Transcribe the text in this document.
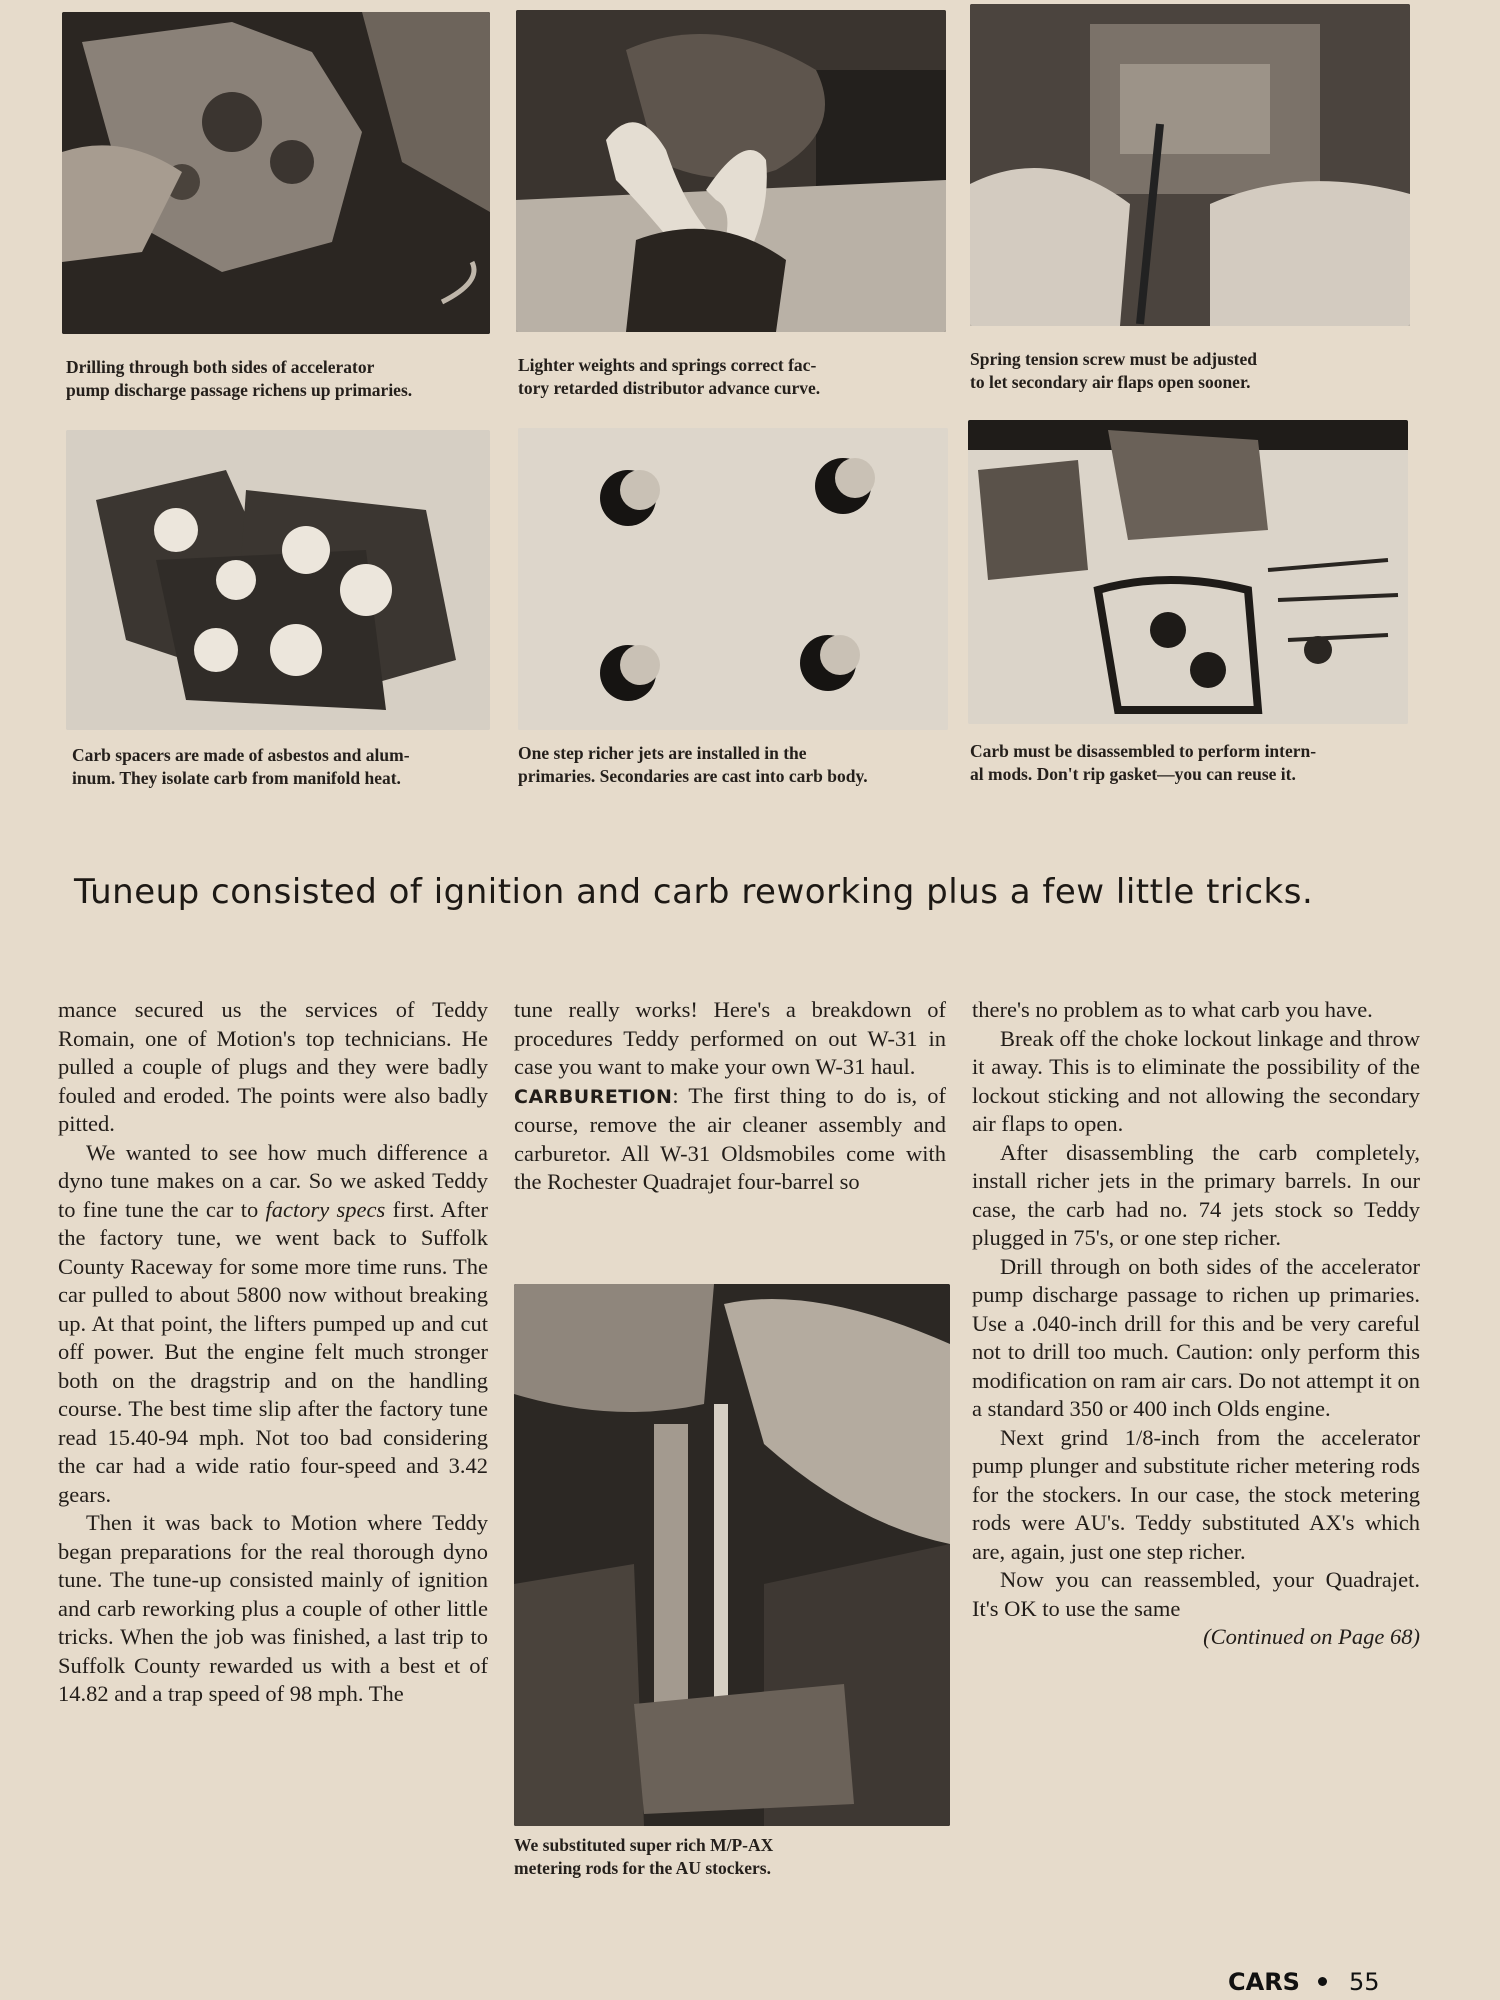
Drilling through both sides of accelerator
pump discharge passage richens up primaries.
Lighter weights and springs correct fac-
tory retarded distributor advance curve.
Spring tension screw must be adjusted
to let secondary air flaps open sooner.
Carb spacers are made of asbestos and alum-
inum. They isolate carb from manifold heat.
One step richer jets are installed in the
primaries. Secondaries are cast into carb body.
Carb must be disassembled to perform intern-
al mods. Don't rip gasket—you can reuse it.
Tuneup consisted of ignition and carb reworking plus a few little tricks.

mance secured us the services of Teddy Romain, one of Motion's top technicians. He pulled a couple of plugs and they were badly fouled and eroded. The points were also badly pitted.

We wanted to see how much difference a dyno tune makes on a car. So we asked Teddy to fine tune the car to factory specs first. After the factory tune, we went back to Suffolk County Raceway for some more time runs. The car pulled to about 5800 now without breaking up. At that point, the lifters pumped up and cut off power. But the engine felt much stronger both on the dragstrip and on the handling course. The best time slip after the factory tune read 15.40-94 mph. Not too bad considering the car had a wide ratio four-speed and 3.42 gears.

Then it was back to Motion where Teddy began preparations for the real thorough dyno tune. The tune-up consisted mainly of ignition and carb reworking plus a couple of other little tricks. When the job was finished, a last trip to Suffolk County rewarded us with a best et of 14.82 and a trap speed of 98 mph. The

tune really works! Here's a breakdown of procedures Teddy performed on out W-31 in case you want to make your own W-31 haul.

CARBURETION: The first thing to do is, of course, remove the air cleaner assembly and carburetor. All W-31 Oldsmobiles come with the Rochester Quadrajet four-barrel so

We substituted super rich M/P-AX
metering rods for the AU stockers.

there's no problem as to what carb you have.

Break off the choke lockout linkage and throw it away. This is to eliminate the possibility of the lockout sticking and not allowing the secondary air flaps to open.

After disassembling the carb completely, install richer jets in the primary barrels. In our case, the carb had no. 74 jets stock so Teddy plugged in 75's, or one step richer.

Drill through on both sides of the accelerator pump discharge passage to richen up primaries. Use a .040-inch drill for this and be very careful not to drill too much. Caution: only perform this modification on ram air cars. Do not attempt it on a standard 350 or 400 inch Olds engine.

Next grind 1/8-inch from the accelerator pump plunger and substitute richer metering rods for the stockers. In our case, the stock metering rods were AU's. Teddy substituted AX's which are, again, just one step richer.

Now you can reassembled, your Quadrajet. It's OK to use the same

(Continued on Page 68)

CARS 55
